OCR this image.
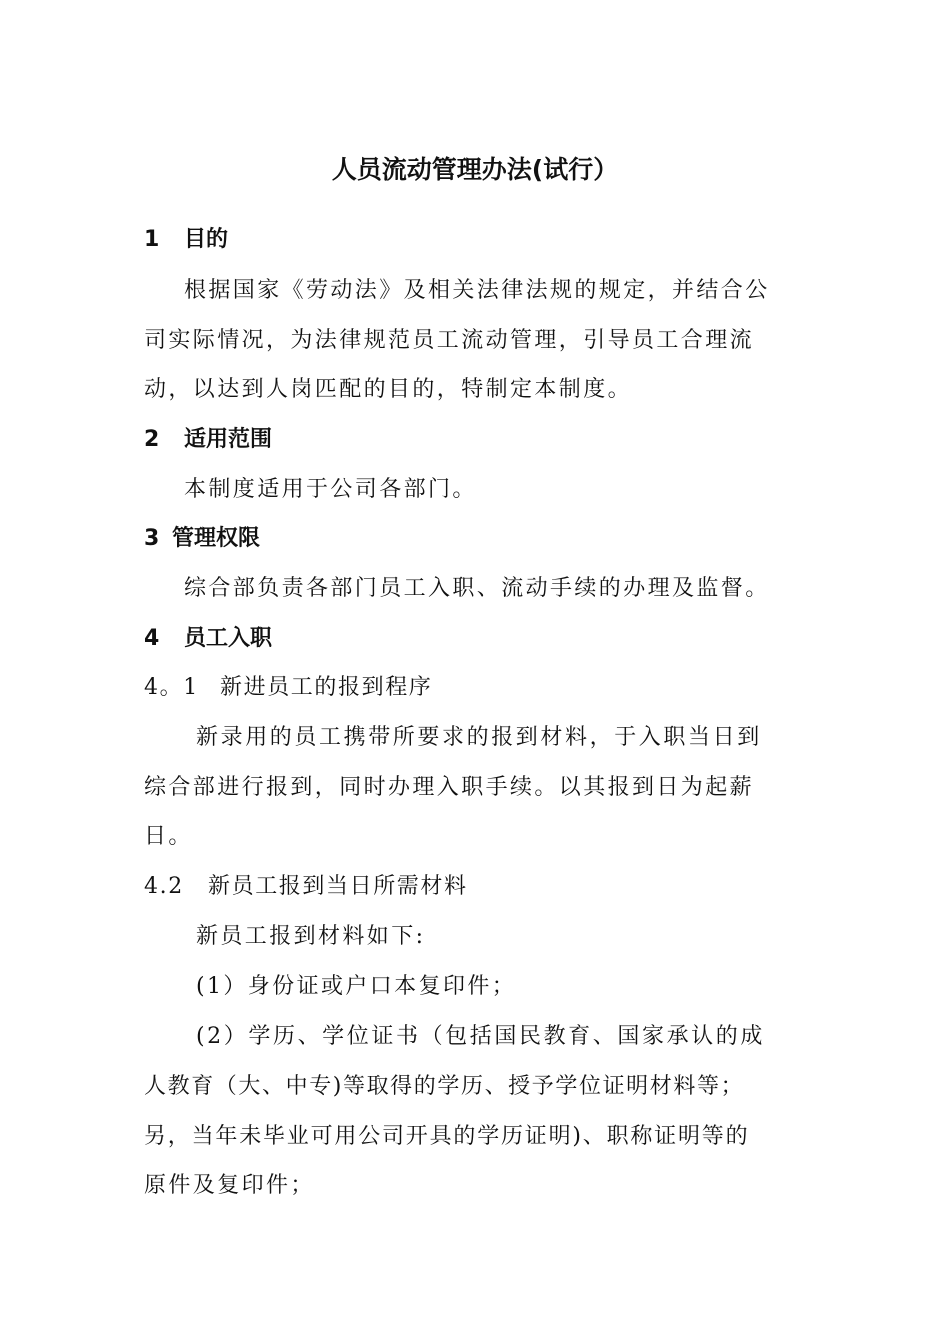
人员流动管理办法(试行）
1 目的
根据国家《劳动法》及相关法律法规的规定，并结合公
司实际情况，为法律规范员工流动管理，引导员工合理流
动，以达到人岗匹配的目的，特制定本制度。
2 适用范围
本制度适用于公司各部门。
3 管理权限
综合部负责各部门员工入职、流动手续的办理及监督。
4 员工入职
4。1 新进员工的报到程序
新录用的员工携带所要求的报到材料，于入职当日到
综合部进行报到，同时办理入职手续。以其报到日为起薪
日。
4.2 新员工报到当日所需材料
新员工报到材料如下:
(1）身份证或户口本复印件；
(2）学历、学位证书（包括国民教育、国家承认的成
人教育（大、中专)等取得的学历、授予学位证明材料等；
另，当年未毕业可用公司开具的学历证明)、职称证明等的
原件及复印件；
